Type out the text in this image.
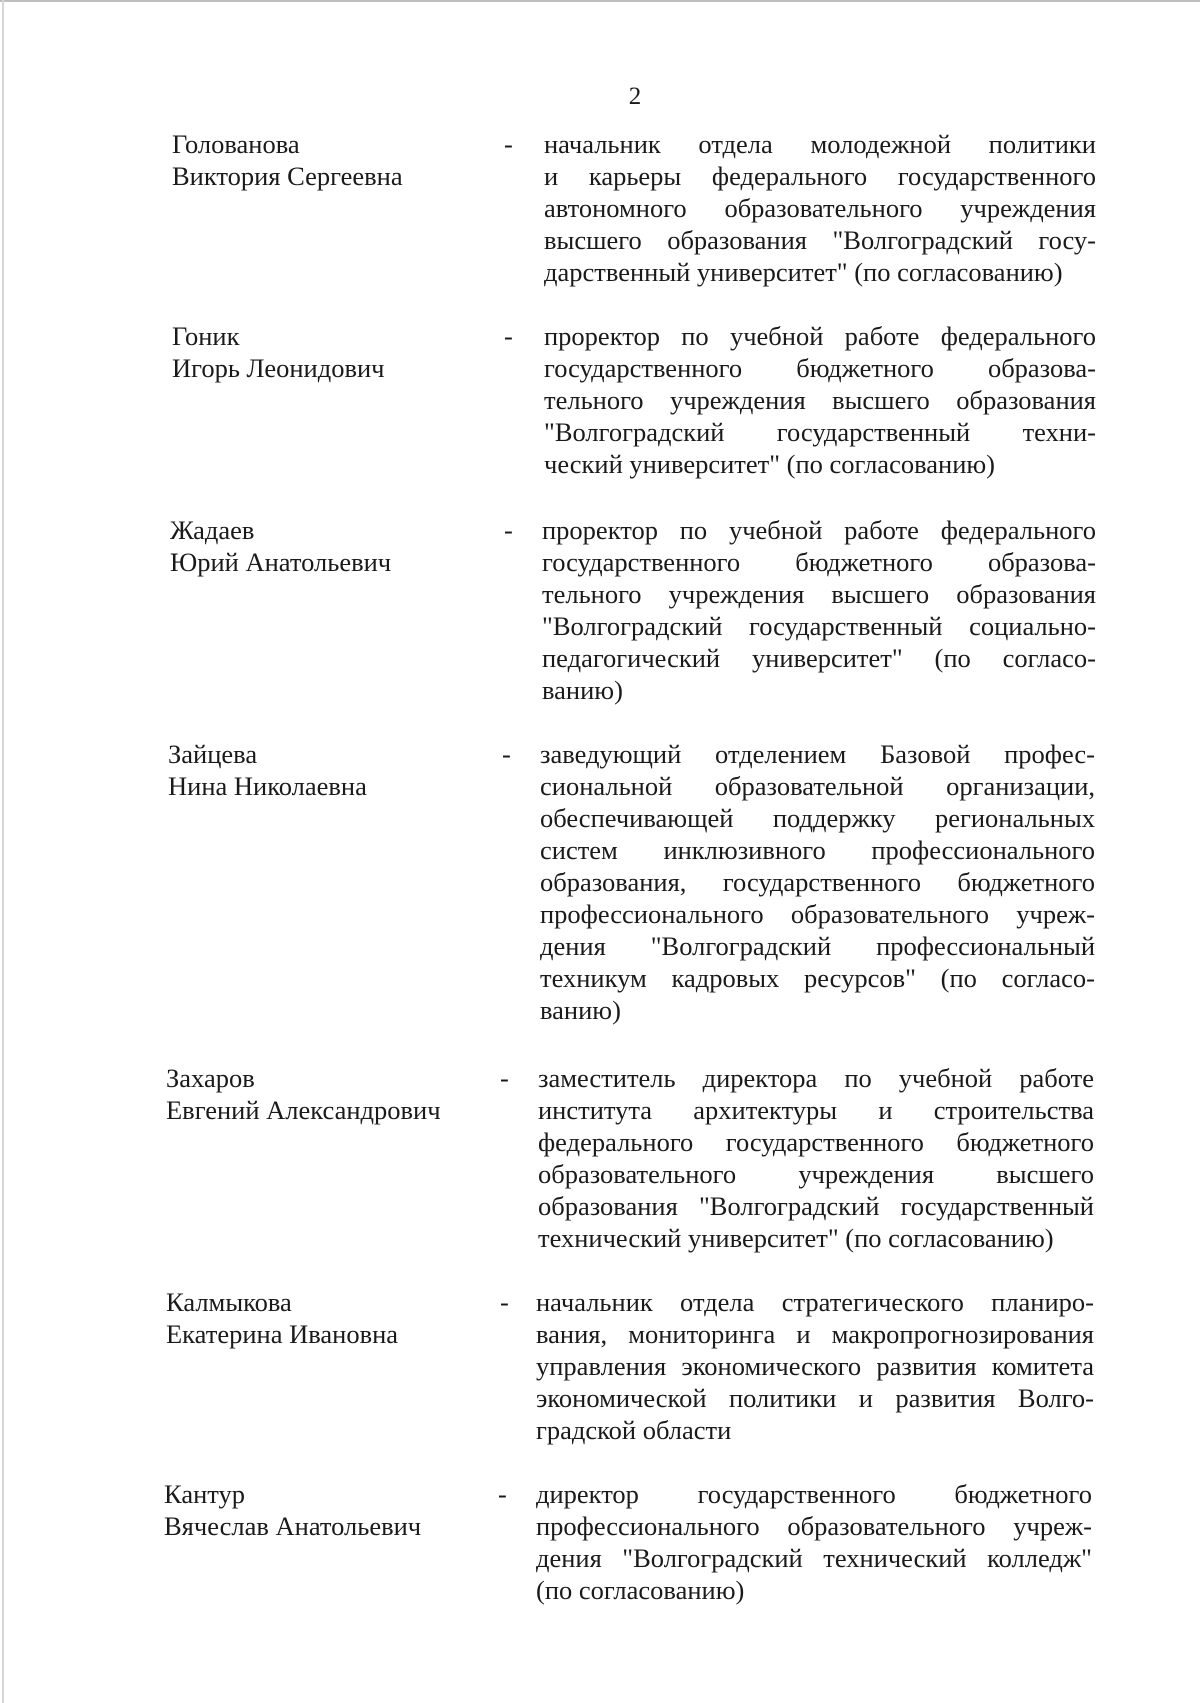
2
Голованова
Виктория Сергеевна
- начальник отдела молодежной политики
и карьеры федерального государственного
автономного образовательного учреждения
высшего образования "Волгоградский госу-
дарственный университет" (по согласованию)
Гоник
Игорь Леонидович
- проректор по учебной работе федерального
государственного бюджетного образова-
тельного учреждения высшего образования
"Волгоградский государственный техни-
ческий университет" (по согласованию)
Жадаев
Юрий Анатольевич
- проректор по учебной работе федерального
государственного бюджетного образова-
тельного учреждения высшего образования
"Волгоградский государственный социально-
педагогический университет" (по согласо-
ванию)
Зайцева
Нина Николаевна
- заведующий отделением Базовой профес-
сиональной образовательной организации,
обеспечивающей поддержку региональных
систем инклюзивного профессионального
образования, государственного бюджетного
профессионального образовательного учреж-
дения "Волгоградский профессиональный
техникум кадровых ресурсов" (по согласо-
ванию)
Захаров
Евгений Александрович
- заместитель директора по учебной работе
института архитектуры и строительства
федерального государственного бюджетного
образовательного учреждения высшего
образования "Волгоградский государственный
технический университет" (по согласованию)
Калмыкова
Екатерина Ивановна
- начальник отдела стратегического планиро-
вания, мониторинга и макропрогнозирования
управления экономического развития комитета
экономической политики и развития Волго-
градской области
Кантур
Вячеслав Анатольевич
- директор государственного бюджетного
профессионального образовательного учреж-
дения "Волгоградский технический колледж"
(по согласованию)
